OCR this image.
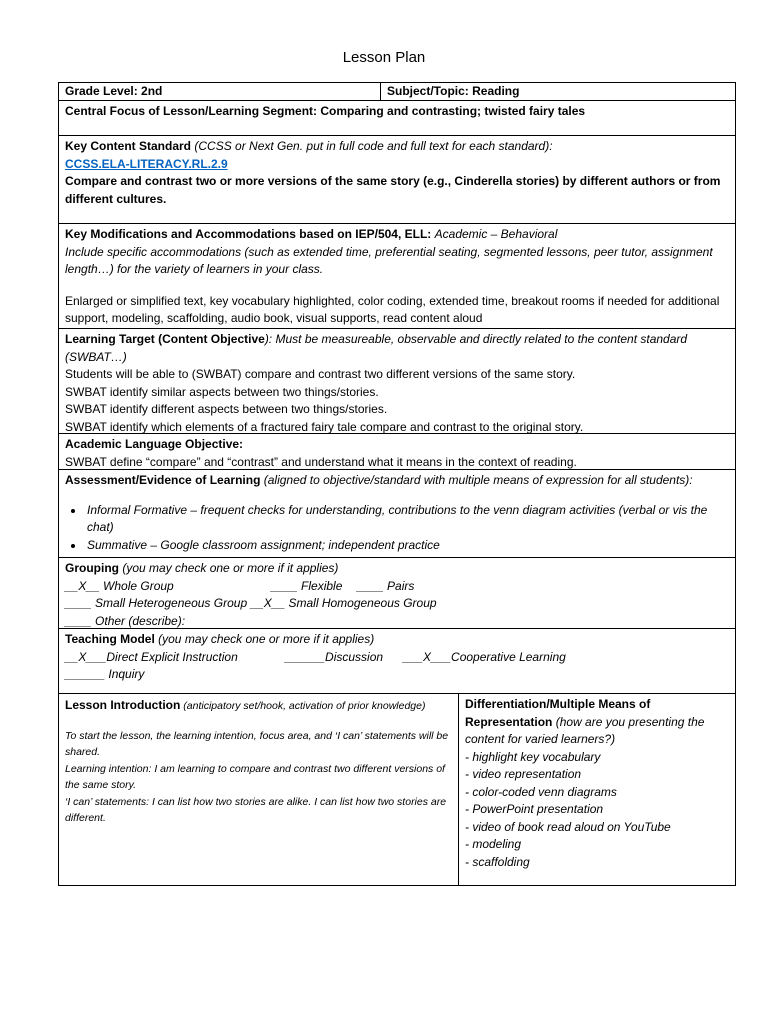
Lesson Plan
Grade Level: 2nd	Subject/Topic: Reading
Central Focus of Lesson/Learning Segment: Comparing and contrasting; twisted fairy tales
Key Content Standard (CCSS or Next Gen. put in full code and full text for each standard):
CCSS.ELA-LITERACY.RL.2.9
Compare and contrast two or more versions of the same story (e.g., Cinderella stories) by different authors or from different cultures.
Key Modifications and Accommodations based on IEP/504, ELL: Academic – Behavioral
Include specific accommodations (such as extended time, preferential seating, segmented lessons, peer tutor, assignment length…) for the variety of learners in your class.
Enlarged or simplified text, key vocabulary highlighted, color coding, extended time, breakout rooms if needed for additional support, modeling, scaffolding, audio book, visual supports, read content aloud
Learning Target (Content Objective): Must be measureable, observable and directly related to the content standard (SWBAT…)
Students will be able to (SWBAT) compare and contrast two different versions of the same story.
SWBAT identify similar aspects between two things/stories.
SWBAT identify different aspects between two things/stories.
SWBAT identify which elements of a fractured fairy tale compare and contrast to the original story.
Academic Language Objective:
SWBAT define “compare” and “contrast” and understand what it means in the context of reading.
Assessment/Evidence of Learning (aligned to objective/standard with multiple means of expression for all students):
• Informal Formative – frequent checks for understanding, contributions to the venn diagram activities (verbal or vis the chat)
• Summative – Google classroom assignment; independent practice
Grouping (you may check one or more if it applies)
__X__ Whole Group	____ Flexible ____ Pairs
____ Small Heterogeneous Group __X__ Small Homogeneous Group
____ Other (describe):
Teaching Model (you may check one or more if it applies)
__X___Direct Explicit Instruction	______Discussion ___X___Cooperative Learning
______ Inquiry
Lesson Introduction (anticipatory set/hook, activation of prior knowledge)
To start the lesson, the learning intention, focus area, and ‘I can’ statements will be shared.
Learning intention: I am learning to compare and contrast two different versions of the same story.
‘I can’ statements: I can list how two stories are alike. I can list how two stories are different.
Differentiation/Multiple Means of Representation (how are you presenting the content for varied learners?)
- highlight key vocabulary
- video representation
- color-coded venn diagrams
- PowerPoint presentation
- video of book read aloud on YouTube
- modeling
- scaffolding
